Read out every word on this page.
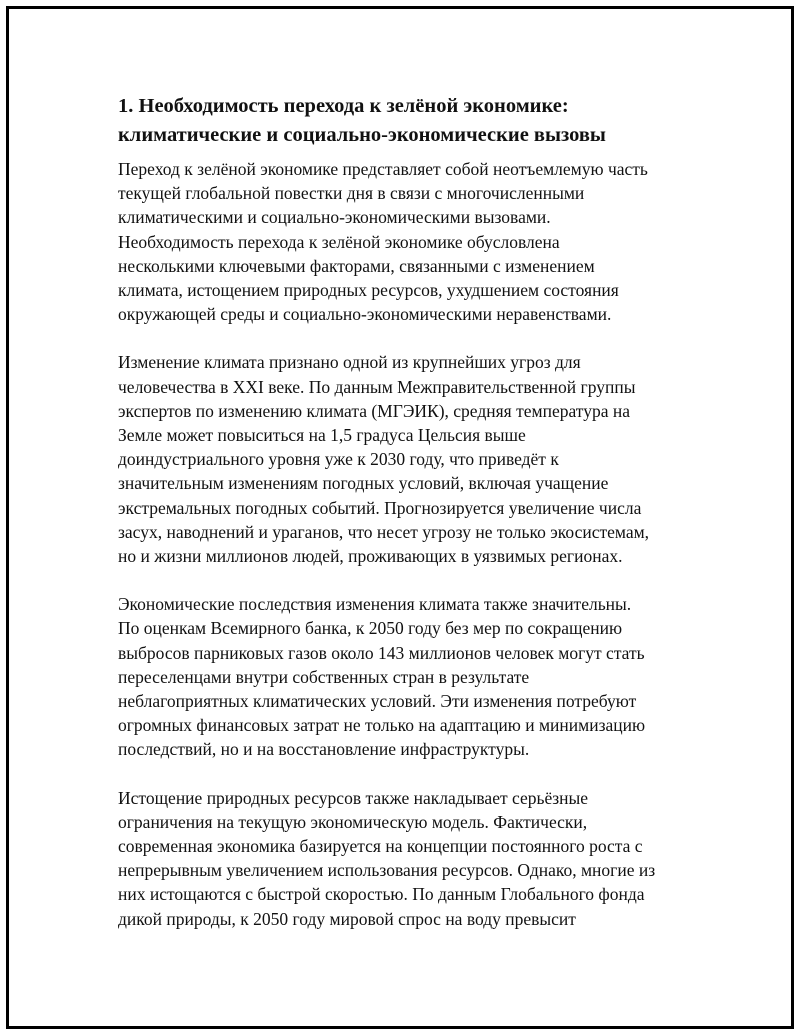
1. Необходимость перехода к зелёной экономике:
климатические и социально-экономические вызовы

Переход к зелёной экономике представляет собой неотъемлемую часть
текущей глобальной повестки дня в связи с многочисленными
климатическими и социально-экономическими вызовами.
Необходимость перехода к зелёной экономике обусловлена
несколькими ключевыми факторами, связанными с изменением
климата, истощением природных ресурсов, ухудшением состояния
окружающей среды и социально-экономическими неравенствами.

Изменение климата признано одной из крупнейших угроз для
человечества в XXI веке. По данным Межправительственной группы
экспертов по изменению климата (МГЭИК), средняя температура на
Земле может повыситься на 1,5 градуса Цельсия выше
доиндустриального уровня уже к 2030 году, что приведёт к
значительным изменениям погодных условий, включая учащение
экстремальных погодных событий. Прогнозируется увеличение числа
засух, наводнений и ураганов, что несет угрозу не только экосистемам,
но и жизни миллионов людей, проживающих в уязвимых регионах.

Экономические последствия изменения климата также значительны.
По оценкам Всемирного банка, к 2050 году без мер по сокращению
выбросов парниковых газов около 143 миллионов человек могут стать
переселенцами внутри собственных стран в результате
неблагоприятных климатических условий. Эти изменения потребуют
огромных финансовых затрат не только на адаптацию и минимизацию
последствий, но и на восстановление инфраструктуры.

Истощение природных ресурсов также накладывает серьёзные
ограничения на текущую экономическую модель. Фактически,
современная экономика базируется на концепции постоянного роста с
непрерывным увеличением использования ресурсов. Однако, многие из
них истощаются с быстрой скоростью. По данным Глобального фонда
дикой природы, к 2050 году мировой спрос на воду превысит
